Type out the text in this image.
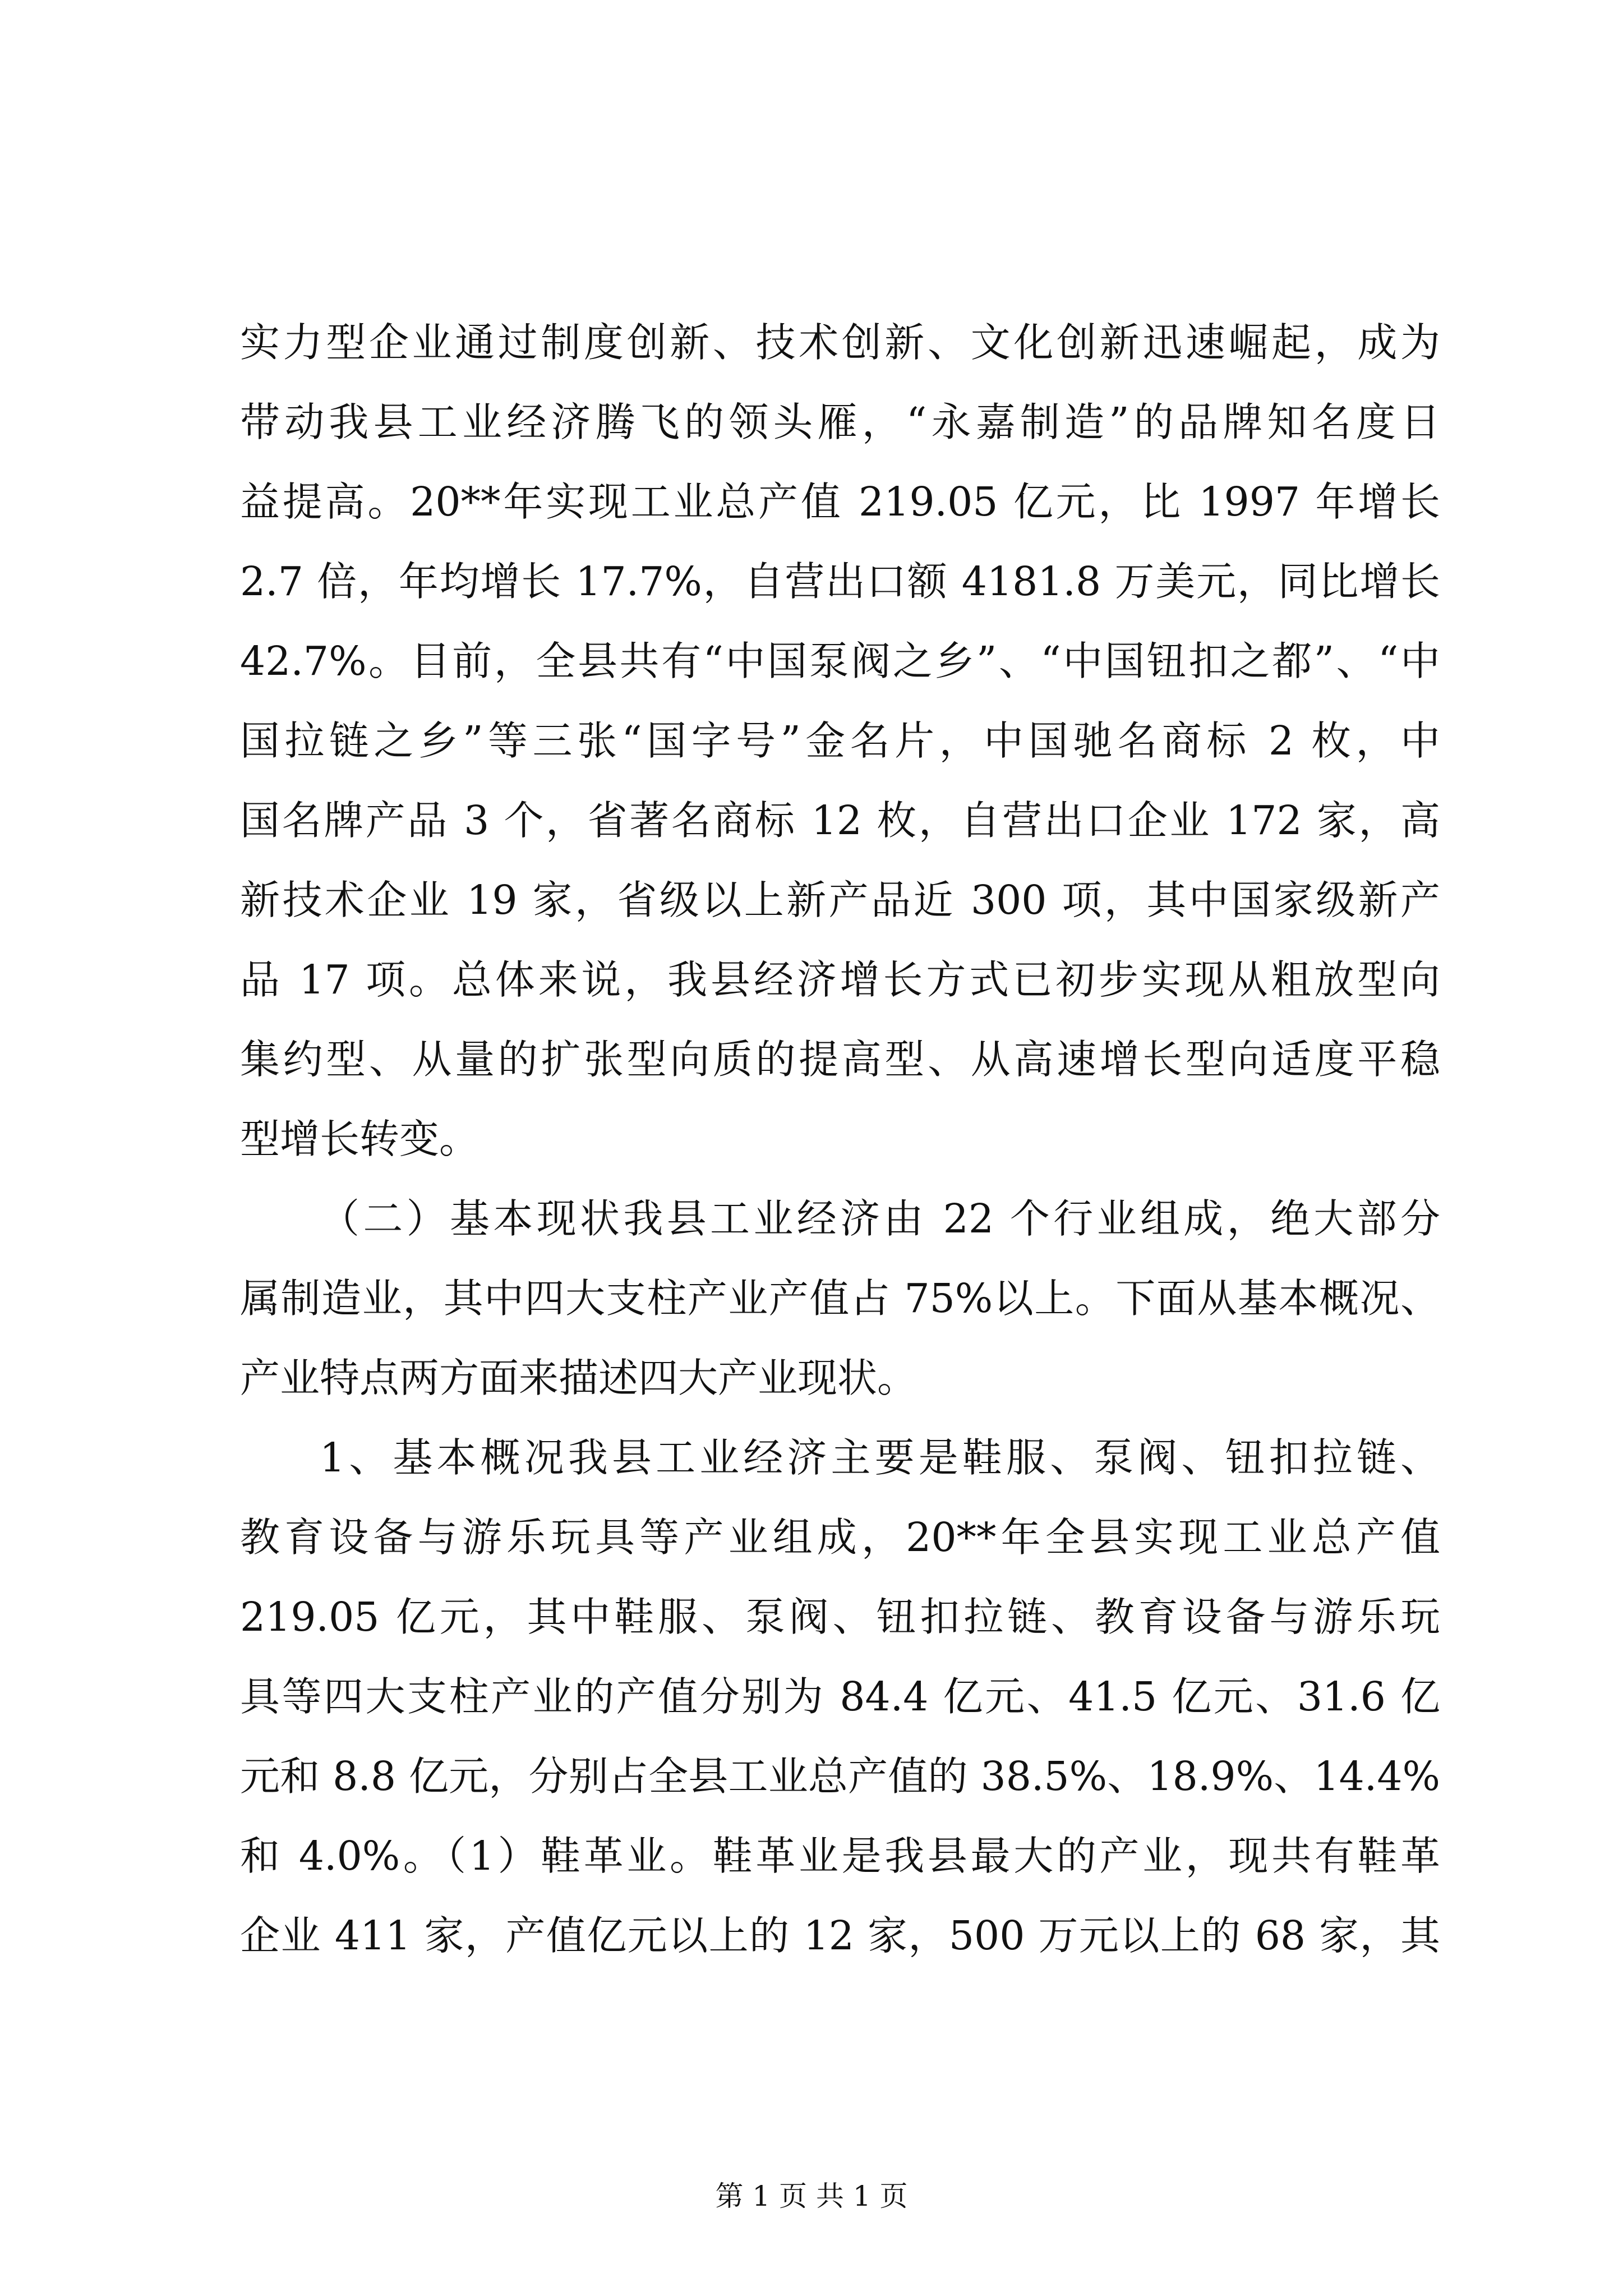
实力型企业通过制度创新、技术创新、文化创新迅速崛起，成为
带动我县工业经济腾飞的领头雁，“永嘉制造”的品牌知名度日
益提高。20**年实现工业总产值 219.05 亿元，比 1997 年增长
2.7 倍，年均增长 17.7%，自营出口额 4181.8 万美元，同比增长
42.7%。目前，全县共有“中国泵阀之乡”、“中国钮扣之都”、“中
国拉链之乡”等三张“国字号”金名片，中国驰名商标 2 枚，中
国名牌产品 3 个，省著名商标 12 枚，自营出口企业 172 家，高
新技术企业 19 家，省级以上新产品近 300 项，其中国家级新产
品 17 项。总体来说，我县经济增长方式已初步实现从粗放型向
集约型、从量的扩张型向质的提高型、从高速增长型向适度平稳
型增长转变。
（二）基本现状我县工业经济由 22 个行业组成，绝大部分
属制造业，其中四大支柱产业产值占 75%以上。下面从基本概况、
产业特点两方面来描述四大产业现状。
1、基本概况我县工业经济主要是鞋服、泵阀、钮扣拉链、
教育设备与游乐玩具等产业组成，20**年全县实现工业总产值
219.05 亿元，其中鞋服、泵阀、钮扣拉链、教育设备与游乐玩
具等四大支柱产业的产值分别为 84.4 亿元、41.5 亿元、31.6 亿
元和 8.8 亿元，分别占全县工业总产值的 38.5%、18.9%、14.4%
和 4.0%。（1）鞋革业。鞋革业是我县最大的产业，现共有鞋革
企业 411 家，产值亿元以上的 12 家，500 万元以上的 68 家，其
第 1 页 共 1 页
